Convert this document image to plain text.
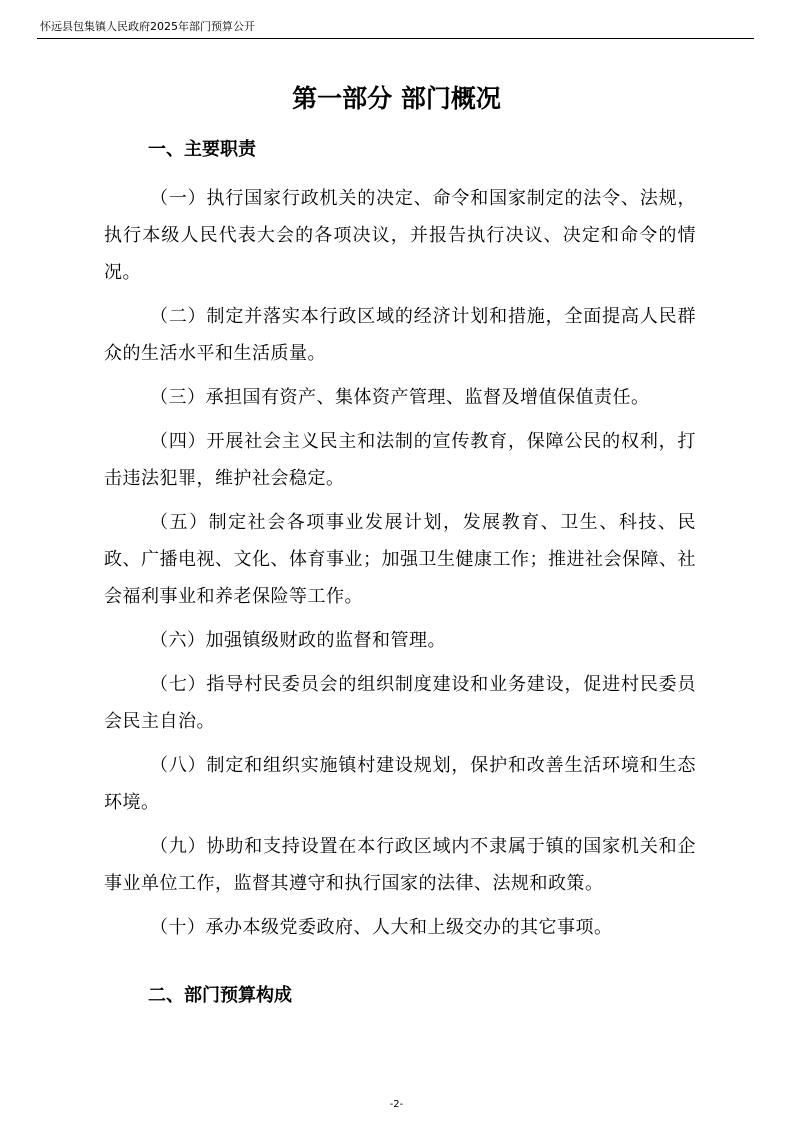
怀远县包集镇人民政府2025年部门预算公开
第一部分 部门概况
一、主要职责
（一）执行国家行政机关的决定、命令和国家制定的法令、法规，执行本级人民代表大会的各项决议，并报告执行决议、决定和命令的情况。
（二）制定并落实本行政区域的经济计划和措施，全面提高人民群众的生活水平和生活质量。
（三）承担国有资产、集体资产管理、监督及增值保值责任。
（四）开展社会主义民主和法制的宣传教育，保障公民的权利，打击违法犯罪，维护社会稳定。
（五）制定社会各项事业发展计划，发展教育、卫生、科技、民政、广播电视、文化、体育事业；加强卫生健康工作；推进社会保障、社会福利事业和养老保险等工作。
（六）加强镇级财政的监督和管理。
（七）指导村民委员会的组织制度建设和业务建设，促进村民委员会民主自治。
（八）制定和组织实施镇村建设规划，保护和改善生活环境和生态环境。
（九）协助和支持设置在本行政区域内不隶属于镇的国家机关和企事业单位工作，监督其遵守和执行国家的法律、法规和政策。
（十）承办本级党委政府、人大和上级交办的其它事项。
二、部门预算构成
-2-
